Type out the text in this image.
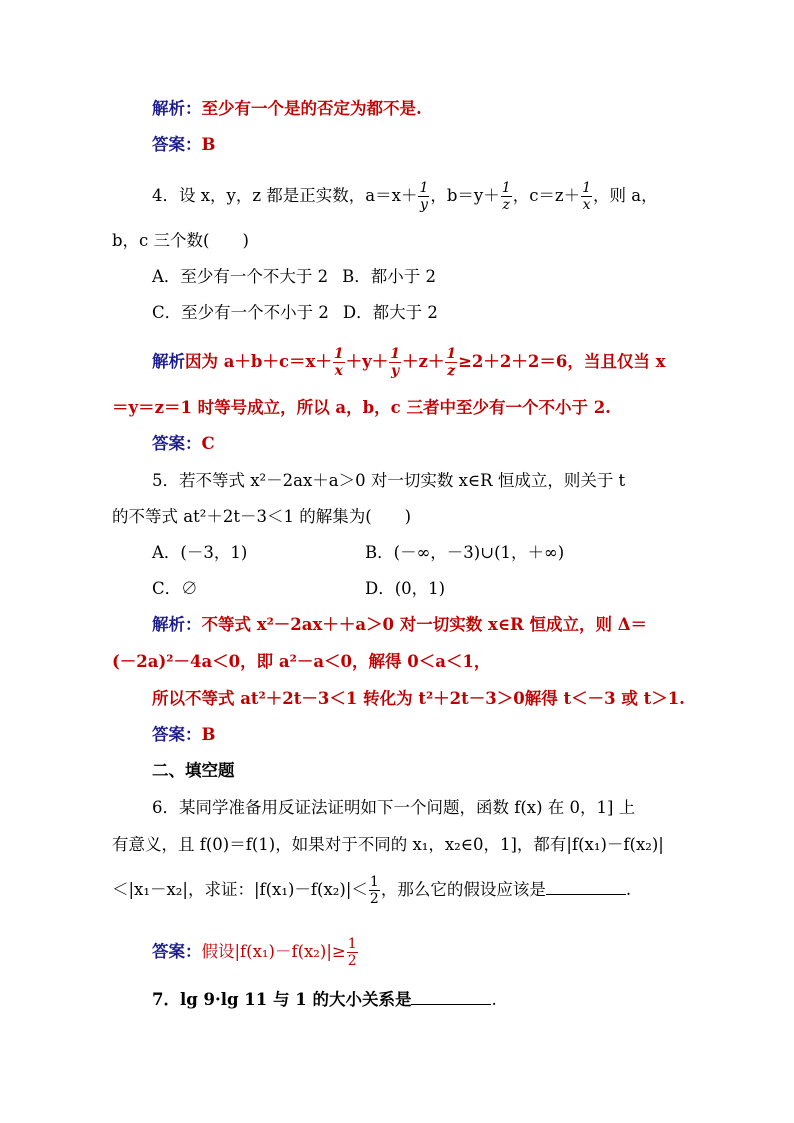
解析：至少有一个是的否定为都不是.
答案：B
4．设 x，y，z 都是正实数，$a=x+ \frac{1}{y}$ ，$b=y+ \frac{1}{z}$ ，$c=z+ \frac{1}{x}$ ，则 a，
b，c 三个数(　　)
A．至少有一个不大于 2 B．都小于 2
C．至少有一个不小于 2 D．都大于 2
解析因为 $a+b+c=x+ \frac{1}{x} +y+ \frac{1}{y} +z+ \frac{1}{z} \ge 2+2+2=6$，当且仅当 x
＝y＝z＝1 时等号成立，所以 a，b，c 三者中至少有一个不小于 2.
答案：C
5．若不等式 x²－2ax＋a＞0 对一切实数 x∈R 恒成立，则关于 t
的不等式 at²＋2t－3＜1 的解集为(　　)
A．(－3，1)	B．(－∞，－3)∪(1，＋∞)
C．∅	D．(0，1)
解析：不等式 x²－2ax＋＋a＞0 对一切实数 x∈R 恒成立，则 Δ＝
(－2a)²－4a＜0，即 a²－a＜0，解得 0＜a＜1，
所以不等式 at²＋2t－3＜1 转化为 t²＋2t－3＞0解得 t＜－3 或 t＞1.
答案：B
二、填空题
6．某同学准备用反证法证明如下一个问题，函数 f(x) 在 0，1] 上
有意义，且 f(0)＝f(1)，如果对于不同的 x₁，x₂∈0，1]，都有|f(x₁)－f(x₂)|
＜|x₁－x₂|，求证：$|f(x_1)-f(x_2)|< \frac{1}{2}$ ，那么它的假设应该是	.
答案：假设$|f(x_1)-f(x_2)|\ge \frac{1}{2}$
7．lg 9·lg 11 与 1 的大小关系是	.
